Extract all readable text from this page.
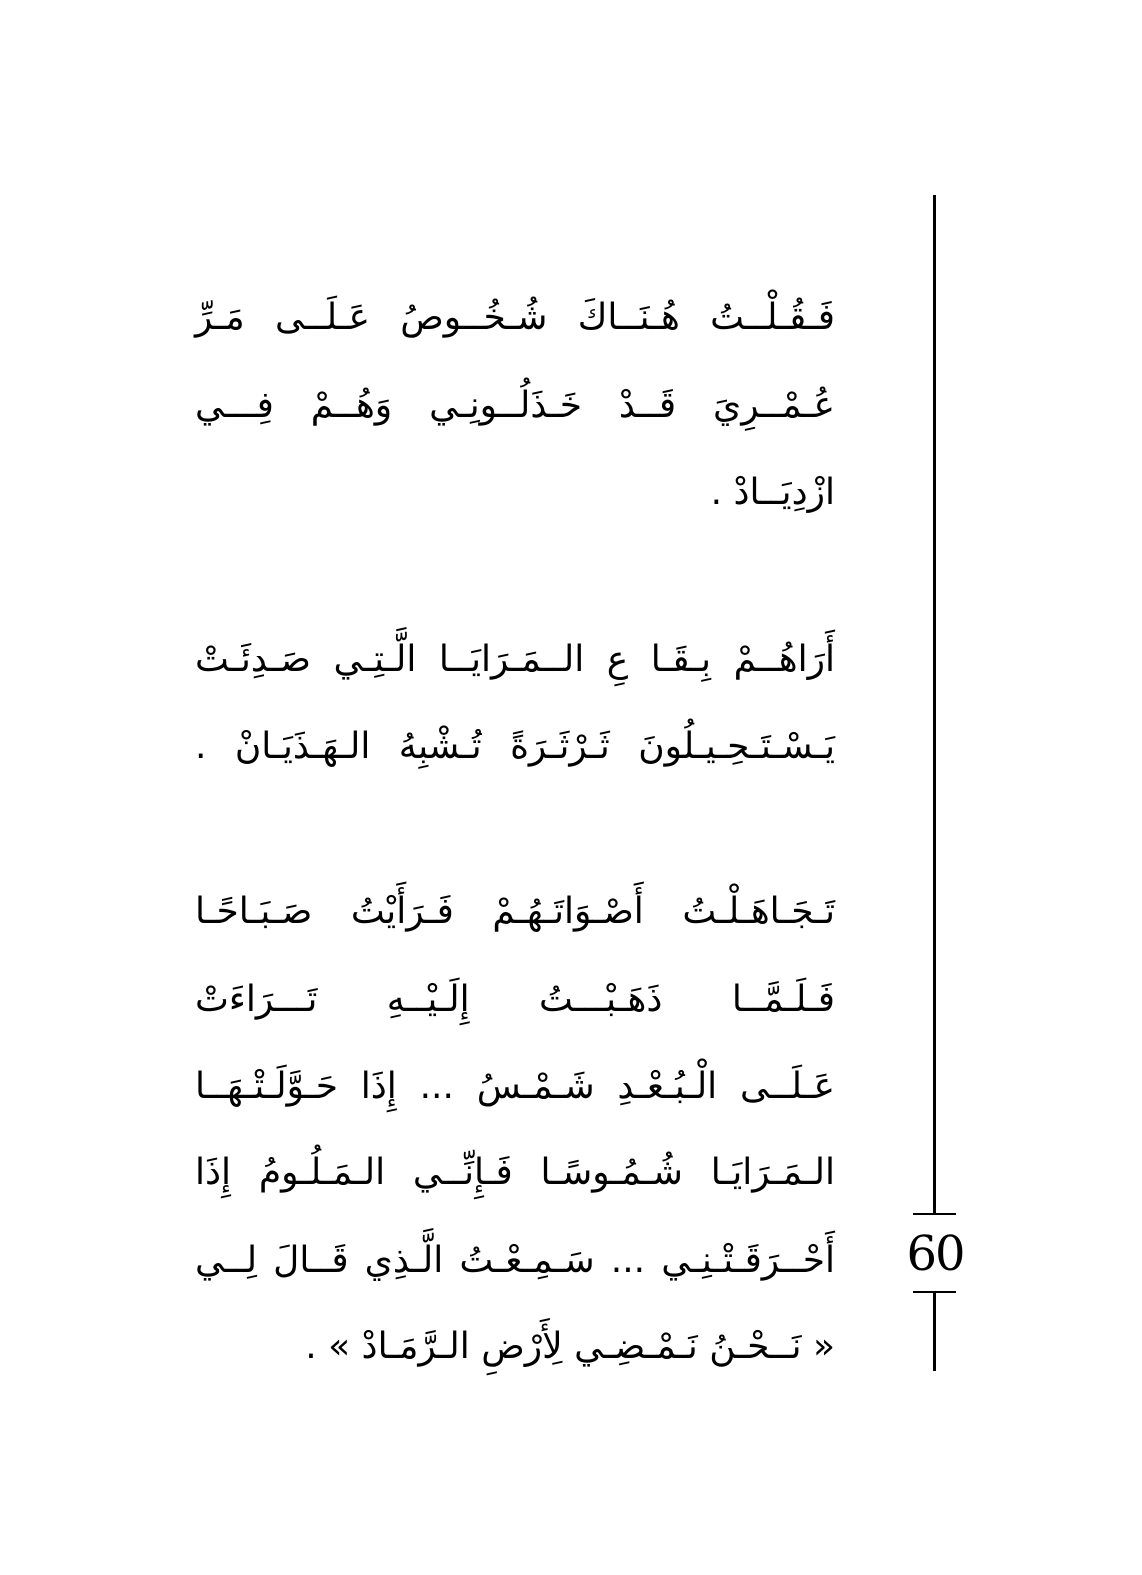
فَـقُـلْــتُ هُـنَــاكَ شُـخُــوصُ عَـلَــى مَـرِّ
عُـمْــرِيَ قَــدْ خَـذَلُــونِـي وَهُــمْ فِـــي
ازْدِيَــادْ .
أَرَاهُــمْ بِـقَـا عِ الــمَـرَايَــا الَّـتِـي صَـدِئَـتْ
يَـسْـتَـحِـيـلُونَ ثَـرْثَـرَةً تُـشْبِهُ الـهَـذَيَـانْ .
تَـجَـاهَـلْـتُ أَصْـوَاتَـهُـمْ فَـرَأَيْتُ صَـبَـاحًـا
فَـلَـمَّــا ذَهَـبْـــتُ إِلَـيْــهِ تَـــرَاءَتْ
عَـلَــى الْـبُـعْـدِ شَـمْـسُ ... إِذَا حَـوَّلَـتْـهَــا
الـمَـرَايَـا شُـمُـوسًـا فَـإِنِّــي الـمَـلُـومُ إِذَا
أَحْــرَقَـتْـنِـي ... سَـمِـعْـتُ الَّـذِي قَــالَ لِــي
« نَــحْـنُ نَـمْـضِـي لِأَرْضِ الـرَّمَـادْ » .
60
